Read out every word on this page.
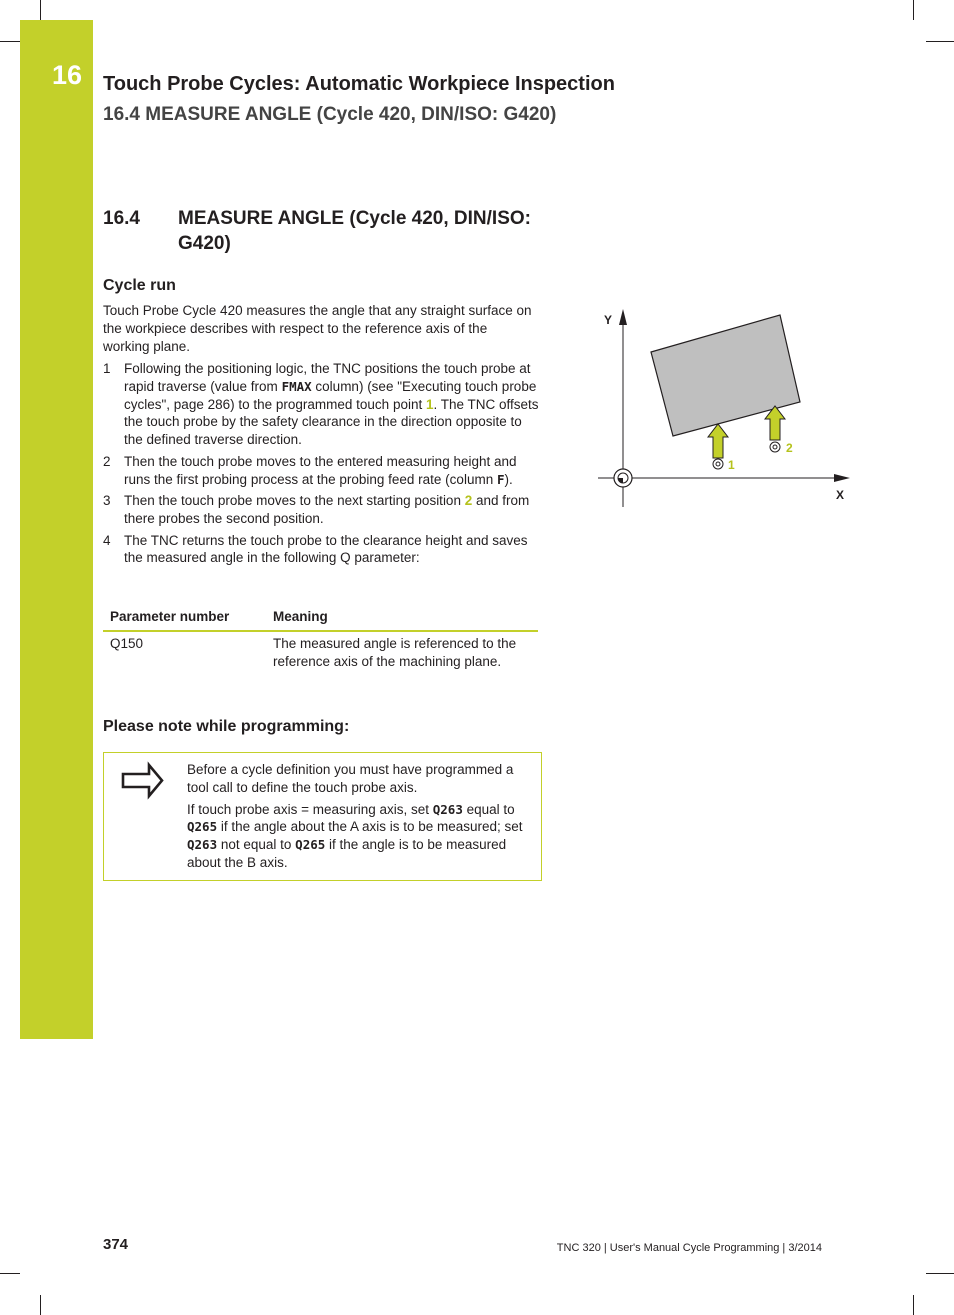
16 Touch Probe Cycles: Automatic Workpiece Inspection
16.4 MEASURE ANGLE (Cycle 420, DIN/ISO: G420)
16.4 MEASURE ANGLE (Cycle 420, DIN/ISO: G420)
Cycle run
Touch Probe Cycle 420 measures the angle that any straight surface on the workpiece describes with respect to the reference axis of the working plane.
1 Following the positioning logic, the TNC positions the touch probe at rapid traverse (value from FMAX column) (see "Executing touch probe cycles", page 286) to the programmed touch point 1. The TNC offsets the touch probe by the safety clearance in the direction opposite to the defined traverse direction.
2 Then the touch probe moves to the entered measuring height and runs the first probing process at the probing feed rate (column F).
3 Then the touch probe moves to the next starting position 2 and from there probes the second position.
4 The TNC returns the touch probe to the clearance height and saves the measured angle in the following Q parameter:
Parameter number	Meaning
Q150	The measured angle is referenced to the reference axis of the machining plane.
Please note while programming:

Before a cycle definition you must have programmed a tool call to define the touch probe axis.

If touch probe axis = measuring axis, set Q263 equal to Q265 if the angle about the A axis is to be measured; set Q263 not equal to Q265 if the angle is to be measured about the B axis.

Y
X
1
2
374	TNC 320 | User's Manual Cycle Programming | 3/2014
